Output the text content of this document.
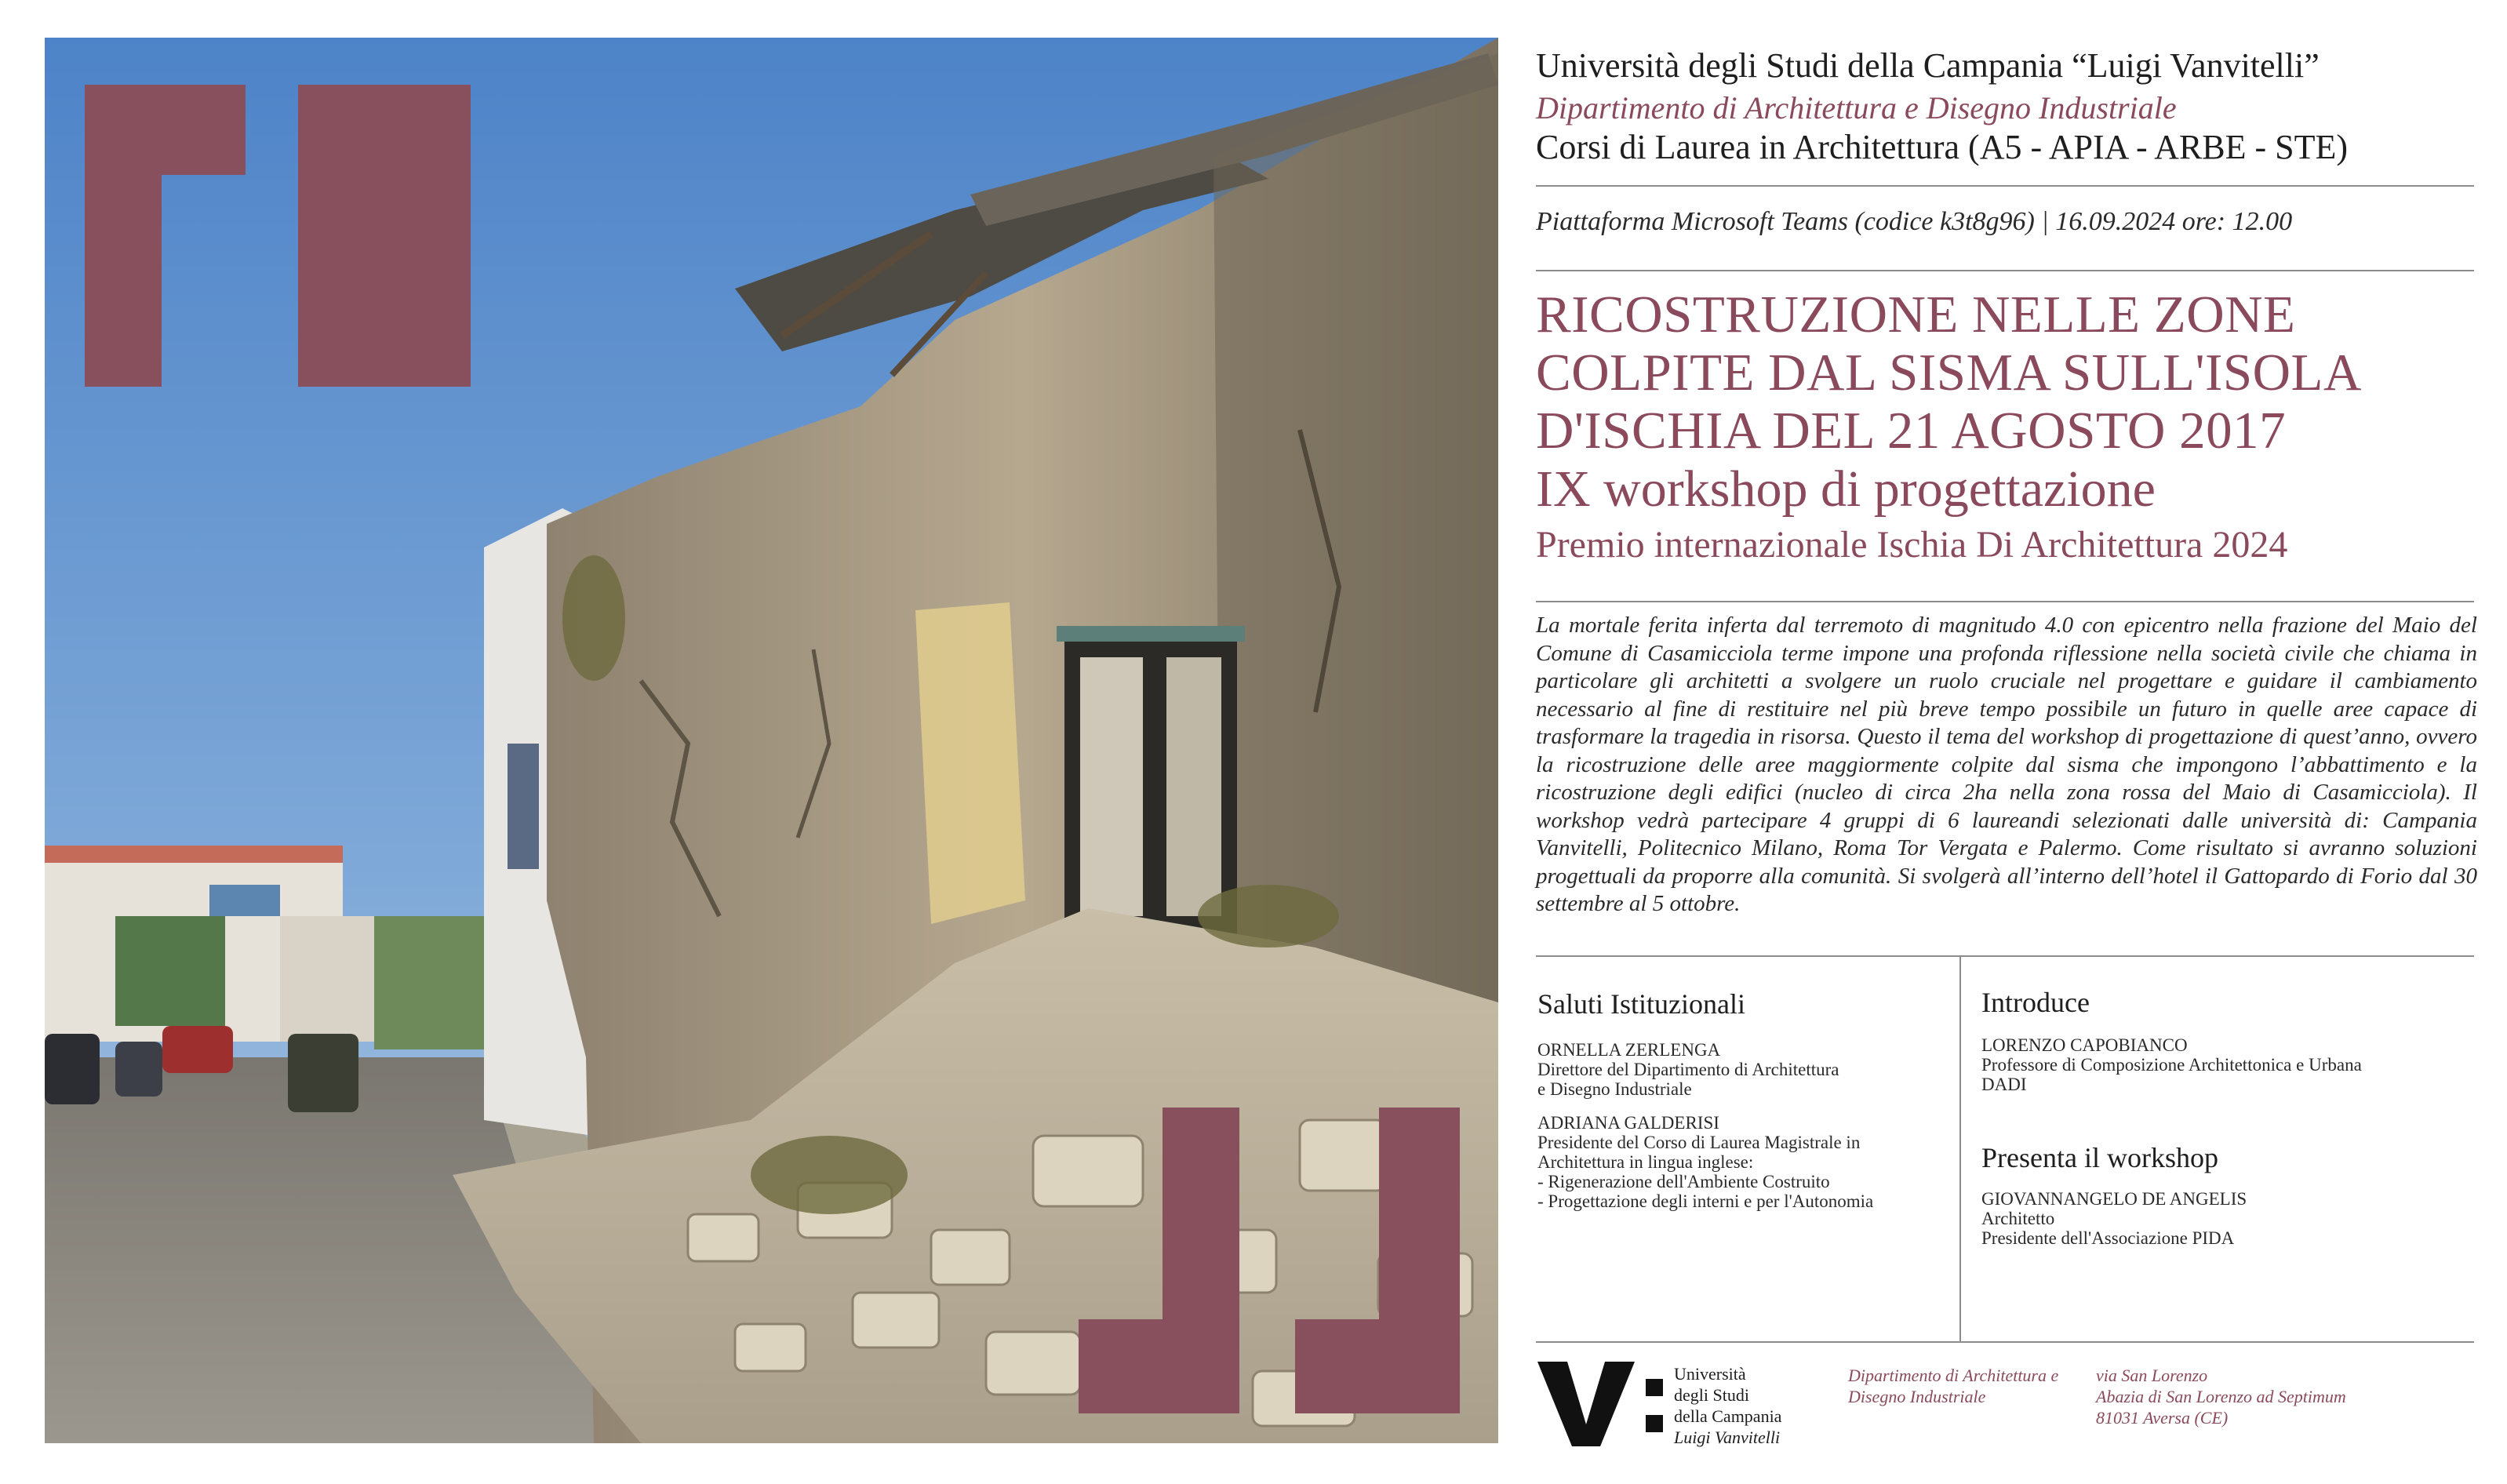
Università degli Studi della Campania “Luigi Vanvitelli”
Dipartimento di Architettura e Disegno Industriale
Corsi di Laurea in Architettura (A5 - APIA - ARBE - STE)
Piattaforma Microsoft Teams (codice k3t8g96) | 16.09.2024 ore: 12.00
RICOSTRUZIONE NELLE ZONE
COLPITE DAL SISMA SULL'ISOLA
D'ISCHIA DEL 21 AGOSTO 2017
IX workshop di progettazione
Premio internazionale Ischia Di Architettura 2024
La mortale ferita inferta dal terremoto di magnitudo 4.0 con epicentro nella frazione del Maio del Comune di Casamicciola terme impone una profonda riflessione nella società civile che chiama in particolare gli architetti a svolgere un ruolo cruciale nel progettare e guidare il cambiamento necessario al fine di restituire nel più breve tempo possibile un futuro in quelle aree capace di trasformare la tragedia in risorsa. Questo il tema del workshop di progettazione di quest’anno, ovvero la ricostruzione delle aree maggiormente colpite dal sisma che impongono l’abbattimento e la ricostruzione degli edifici (nucleo di circa 2ha nella zona rossa del Maio di Casamicciola). Il workshop vedrà partecipare 4 gruppi di 6 laureandi selezionati dalle università di: Campania Vanvitelli, Politecnico Milano, Roma Tor Vergata e Palermo. Come risultato si avranno soluzioni progettuali da proporre alla comunità. Si svolgerà all’interno dell’hotel il Gattopardo di Forio dal 30 settembre al 5 ottobre.
Saluti Istituzionali
ORNELLA ZERLENGA
Direttore del Dipartimento di Architettura
e Disegno Industriale
ADRIANA GALDERISI
Presidente del Corso di Laurea Magistrale in
Architettura in lingua inglese:
- Rigenerazione dell'Ambiente Costruito
- Progettazione degli interni e per l'Autonomia
Introduce
LORENZO CAPOBIANCO
Professore di Composizione Architettonica e Urbana
DADI
Presenta il workshop
GIOVANNANGELO DE ANGELIS
Architetto
Presidente dell'Associazione PIDA
Università
degli Studi
della Campania
Luigi Vanvitelli
Dipartimento di Architettura e
Disegno Industriale
via San Lorenzo
Abazia di San Lorenzo ad Septimum
81031 Aversa (CE)
